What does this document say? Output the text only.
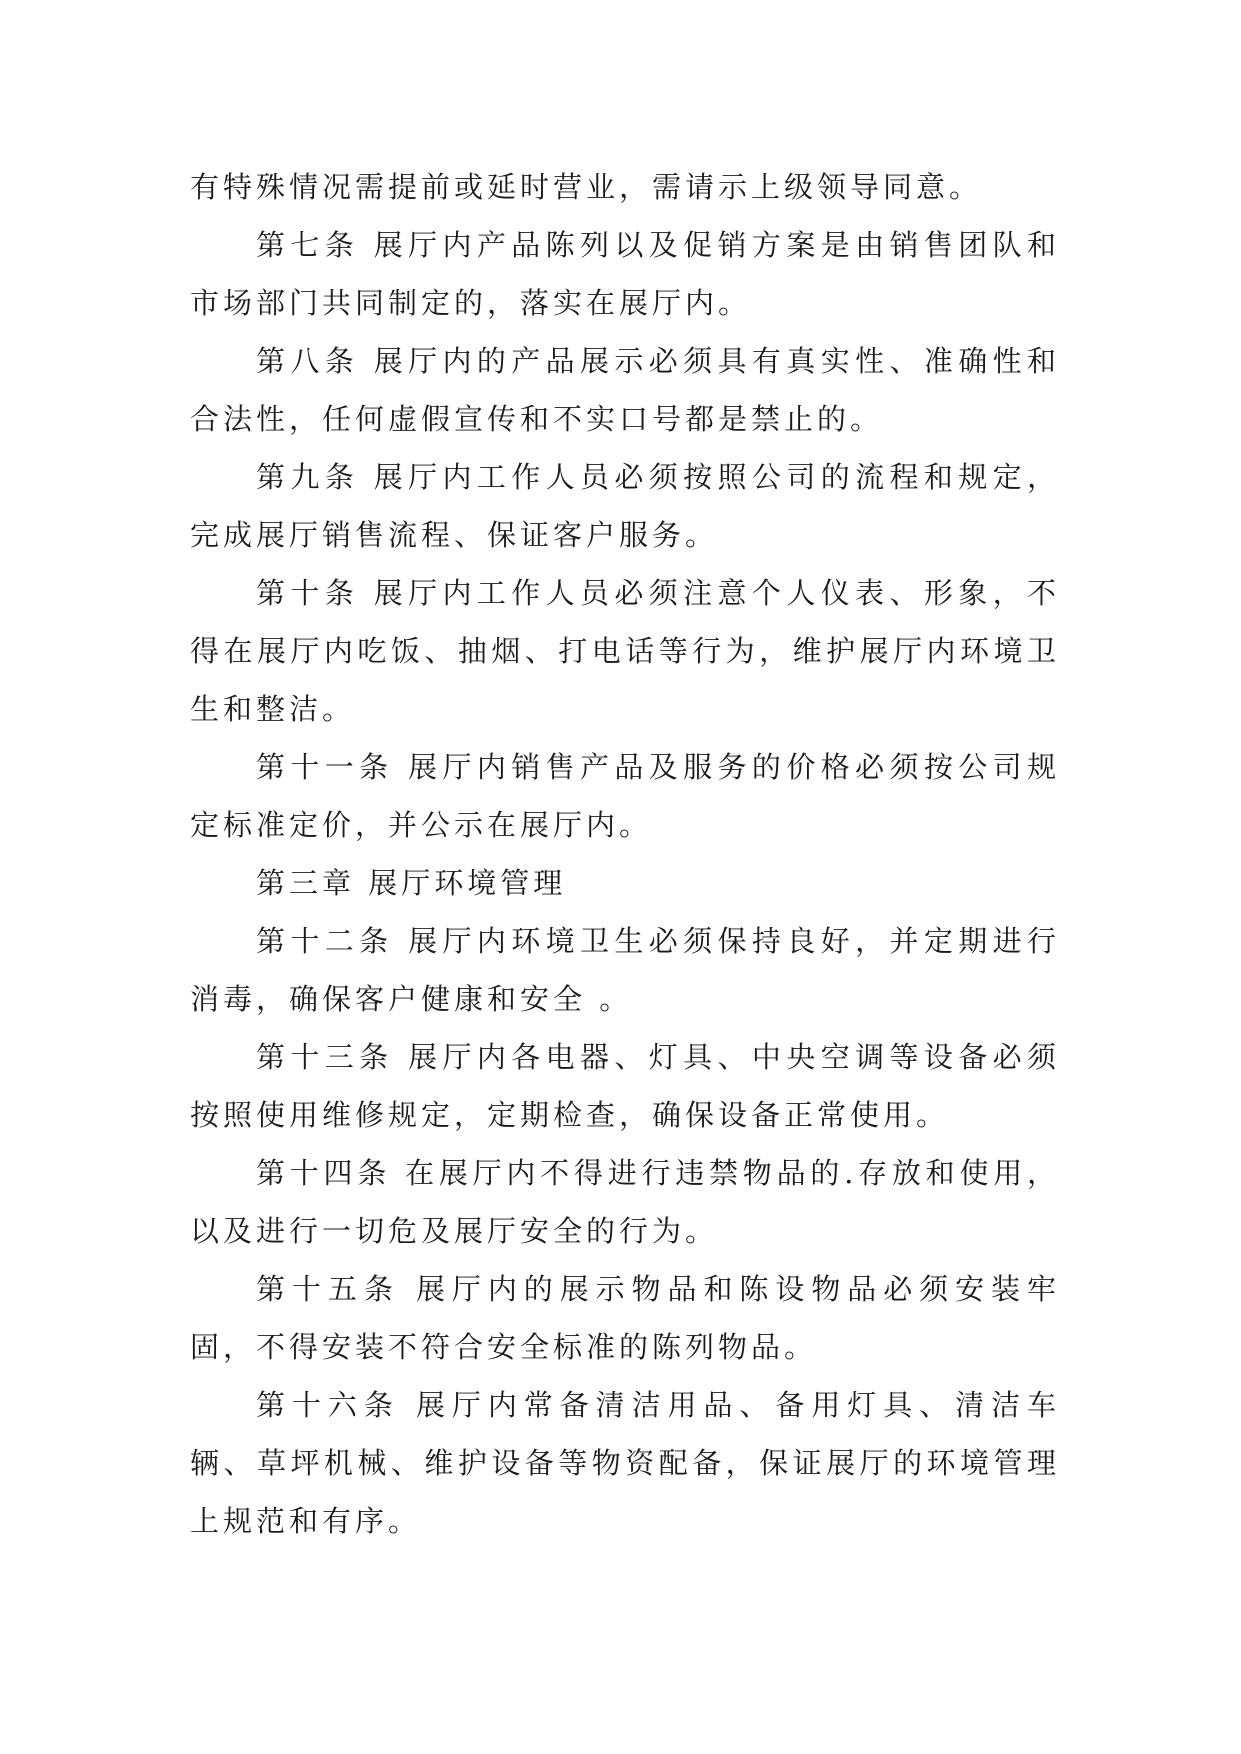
有特殊情况需提前或延时营业，需请示上级领导同意。

第七条 展厅内产品陈列以及促销方案是由销售团队和市场部门共同制定的，落实在展厅内。

第八条 展厅内的产品展示必须具有真实性、准确性和合法性，任何虚假宣传和不实口号都是禁止的。

第九条 展厅内工作人员必须按照公司的流程和规定，完成展厅销售流程、保证客户服务。

第十条 展厅内工作人员必须注意个人仪表、形象，不得在展厅内吃饭、抽烟、打电话等行为，维护展厅内环境卫生和整洁。

第十一条 展厅内销售产品及服务的价格必须按公司规定标准定价，并公示在展厅内。

第三章 展厅环境管理

第十二条 展厅内环境卫生必须保持良好，并定期进行消毒，确保客户健康和安全 。

第十三条 展厅内各电器、灯具、中央空调等设备必须按照使用维修规定，定期检查，确保设备正常使用。

第十四条 在展厅内不得进行违禁物品的.存放和使用，以及进行一切危及展厅安全的行为。

第十五条 展厅内的展示物品和陈设物品必须安装牢固，不得安装不符合安全标准的陈列物品。

第十六条 展厅内常备清洁用品、备用灯具、清洁车辆、草坪机械、维护设备等物资配备，保证展厅的环境管理上规范和有序。
